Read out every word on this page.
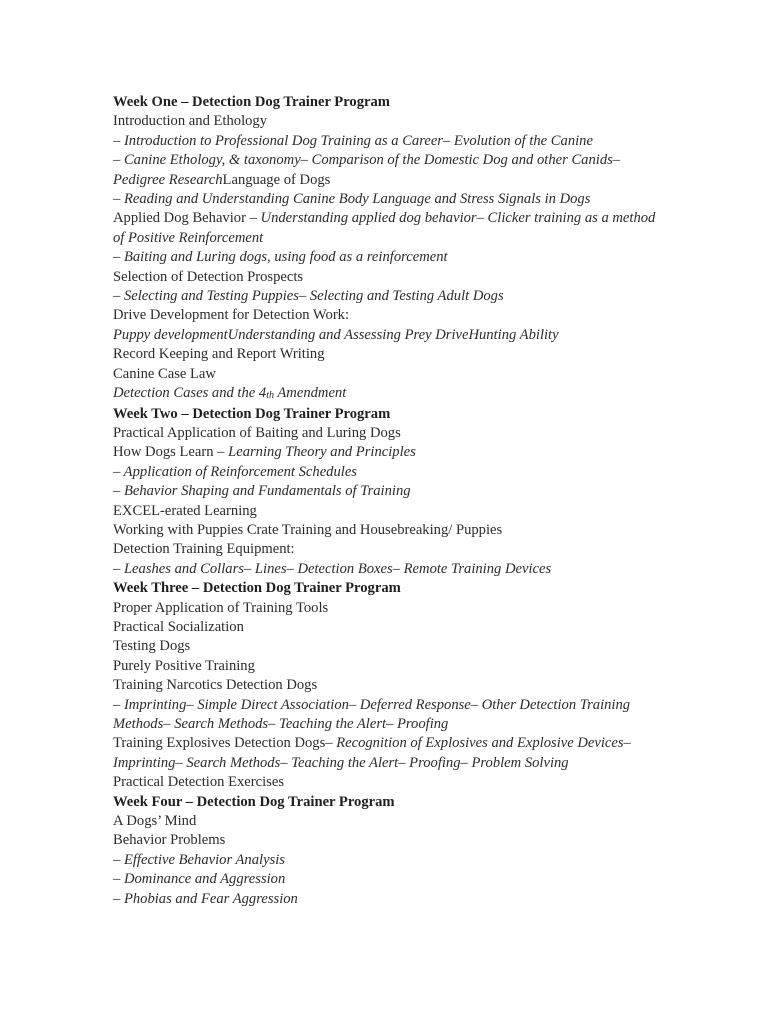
Week One – Detection Dog Trainer Program
Introduction and Ethology
– Introduction to Professional Dog Training as a Career– Evolution of the Canine
– Canine Ethology, & taxonomy– Comparison of the Domestic Dog and other Canids– Pedigree ResearchLanguage of Dogs
– Reading and Understanding Canine Body Language and Stress Signals in Dogs
Applied Dog Behavior – Understanding applied dog behavior– Clicker training as a method of Positive Reinforcement
– Baiting and Luring dogs, using food as a reinforcement
Selection of Detection Prospects
– Selecting and Testing Puppies– Selecting and Testing Adult Dogs
Drive Development for Detection Work:
Puppy developmentUnderstanding and Assessing Prey DriveHunting Ability
Record Keeping and Report Writing
Canine Case Law
Detection Cases and the 4th Amendment
Week Two – Detection Dog Trainer Program
Practical Application of Baiting and Luring Dogs
How Dogs Learn – Learning Theory and Principles
– Application of Reinforcement Schedules
– Behavior Shaping and Fundamentals of Training
EXCEL-erated Learning
Working with Puppies Crate Training and Housebreaking/ Puppies
Detection Training Equipment:
– Leashes and Collars– Lines– Detection Boxes– Remote Training Devices
Week Three – Detection Dog Trainer Program
Proper Application of Training Tools
Practical Socialization
Testing Dogs
Purely Positive Training
Training Narcotics Detection Dogs
– Imprinting– Simple Direct Association– Deferred Response– Other Detection Training Methods– Search Methods– Teaching the Alert– Proofing
Training Explosives Detection Dogs– Recognition of Explosives and Explosive Devices– Imprinting– Search Methods– Teaching the Alert– Proofing– Problem Solving
Practical Detection Exercises
Week Four – Detection Dog Trainer Program
A Dogs’ Mind
Behavior Problems
– Effective Behavior Analysis
– Dominance and Aggression
– Phobias and Fear Aggression
